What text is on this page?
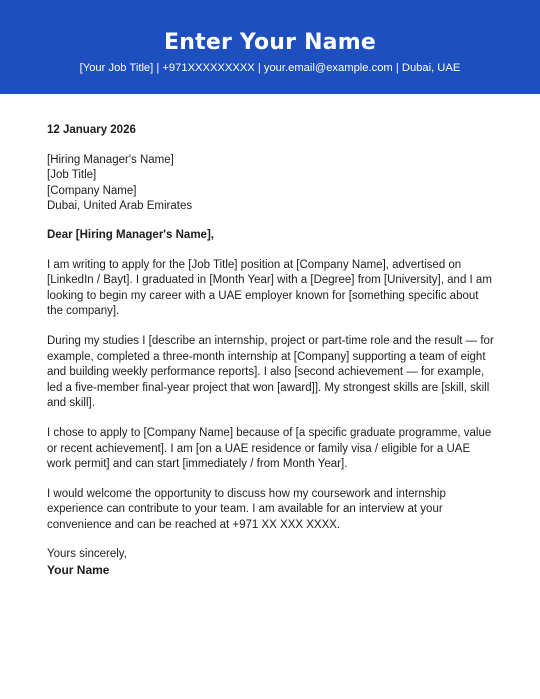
Enter Your Name
[Your Job Title] | +971XXXXXXXXX | your.email@example.com | Dubai, UAE
12 January 2026
[Hiring Manager's Name]
[Job Title]
[Company Name]
Dubai, United Arab Emirates
Dear [Hiring Manager's Name],

I am writing to apply for the [Job Title] position at [Company Name], advertised on [LinkedIn / Bayt]. I graduated in [Month Year] with a [Degree] from [University], and I am looking to begin my career with a UAE employer known for [something specific about the company].

During my studies I [describe an internship, project or part-time role and the result — for example, completed a three-month internship at [Company] supporting a team of eight and building weekly performance reports]. I also [second achievement — for example, led a five-member final-year project that won [award]]. My strongest skills are [skill, skill and skill].

I chose to apply to [Company Name] because of [a specific graduate programme, value or recent achievement]. I am [on a UAE residence or family visa / eligible for a UAE work permit] and can start [immediately / from Month Year].

I would welcome the opportunity to discuss how my coursework and internship experience can contribute to your team. I am available for an interview at your convenience and can be reached at +971 XX XXX XXXX.

Yours sincerely,
Your Name
